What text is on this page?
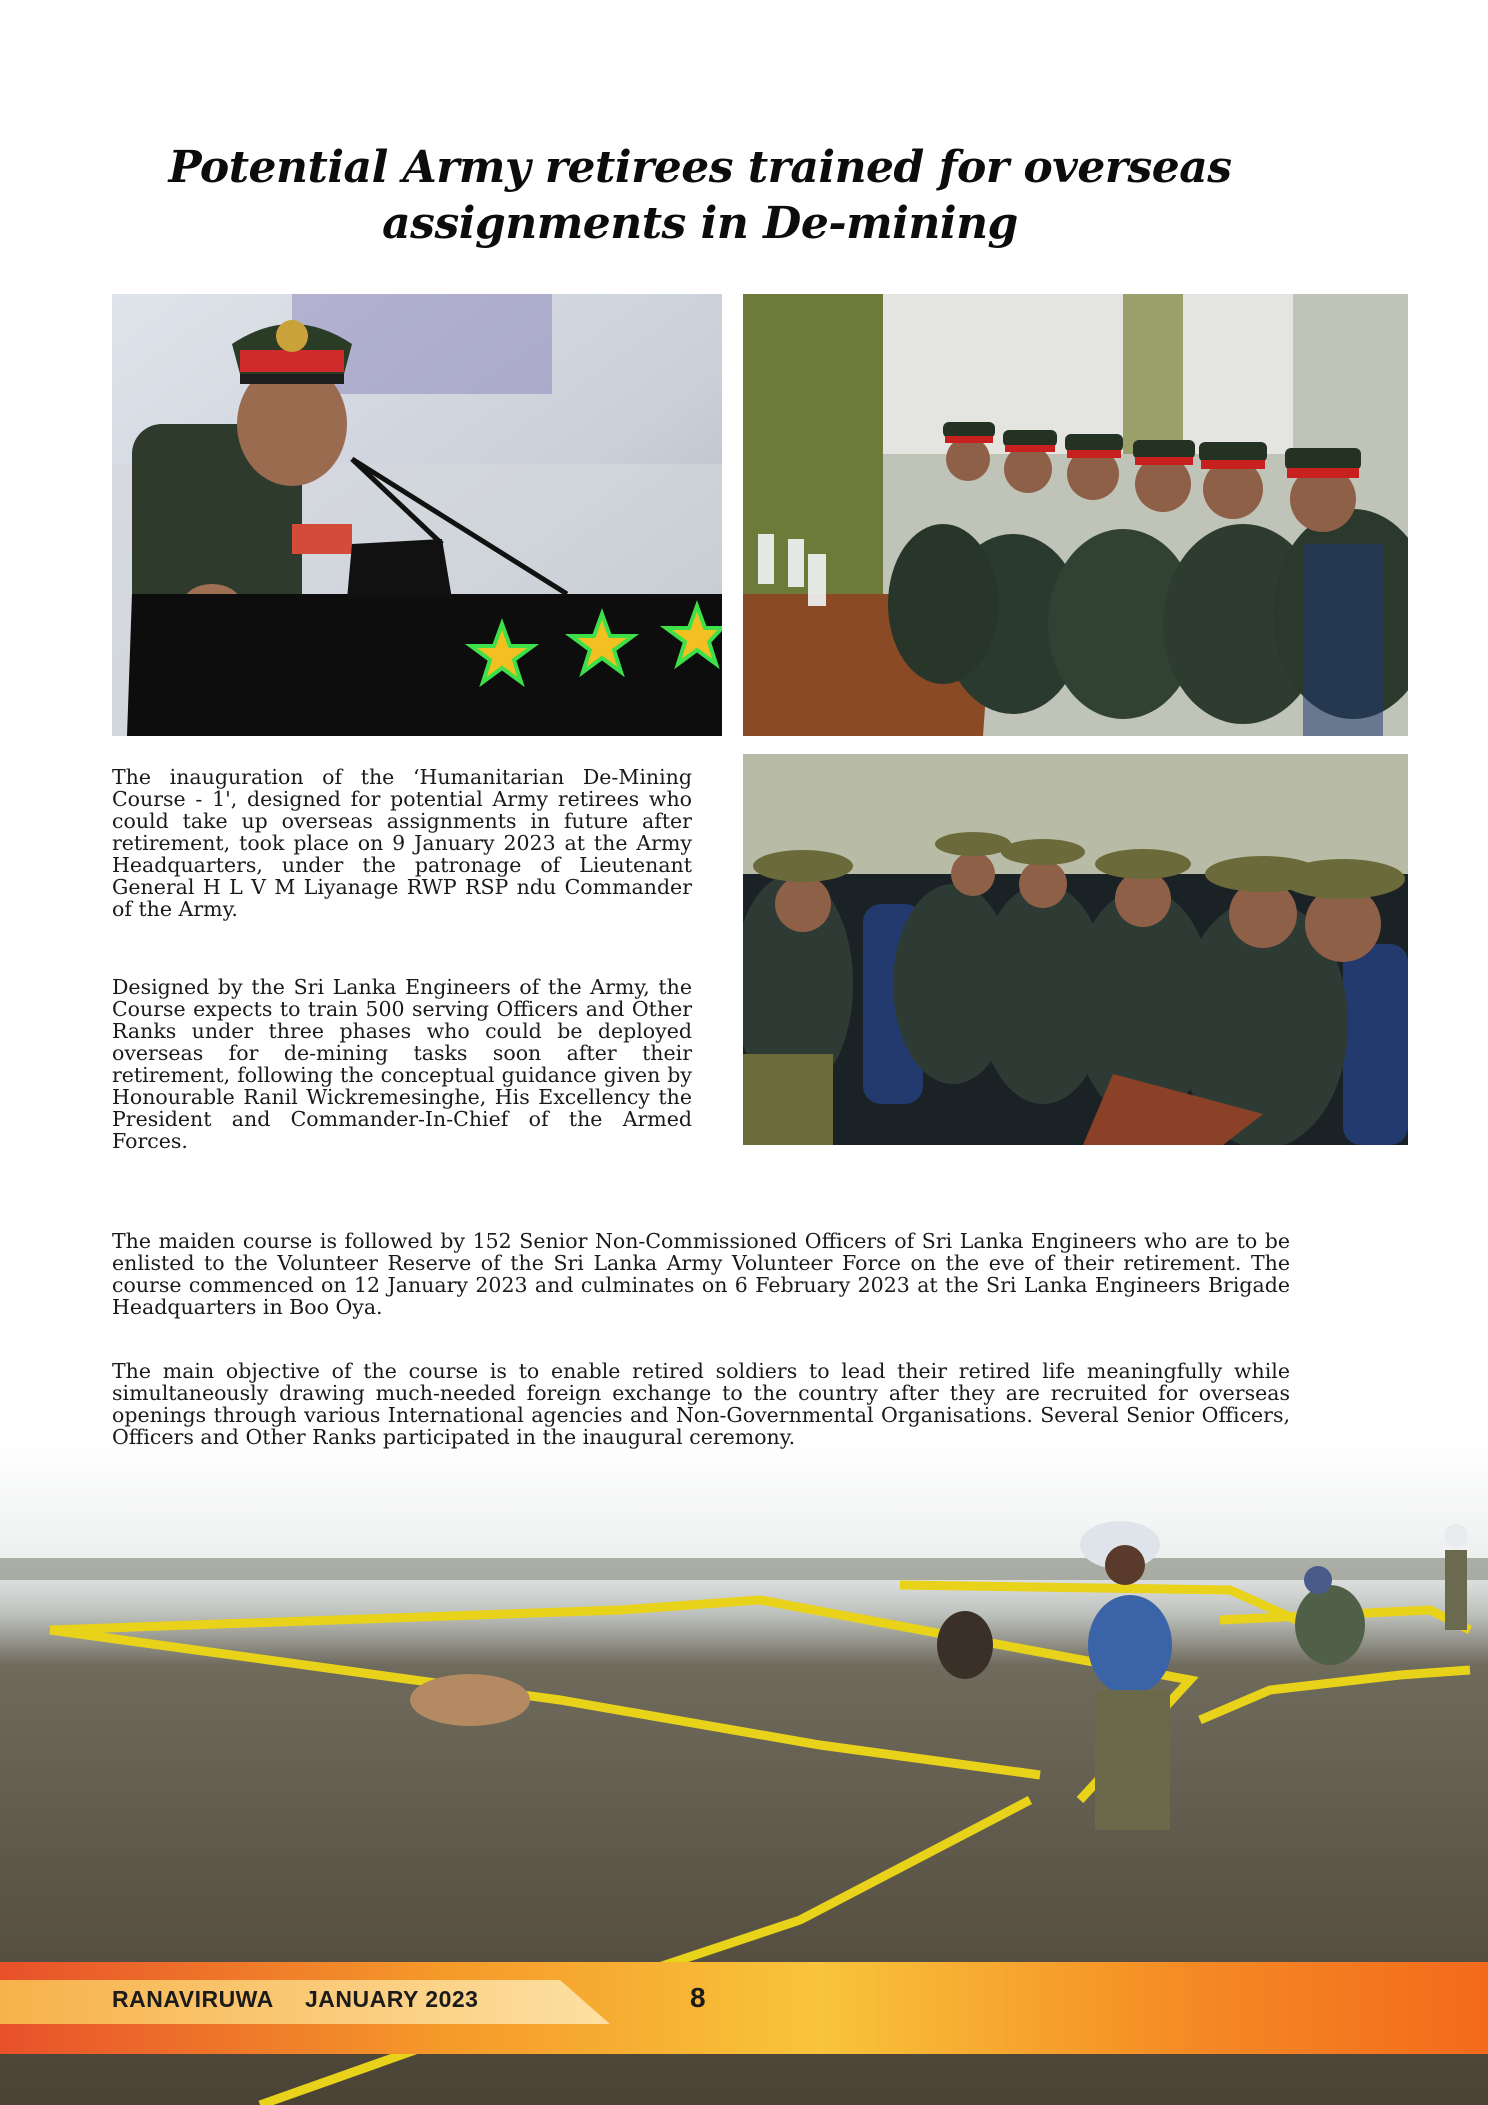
Potential Army retirees trained for overseas
assignments in De-mining

The inauguration of the ‘Humanitarian De-Mining Course - 1', designed for potential Army retirees who could take up overseas assignments in future after retirement, took place on 9 January 2023 at the Army Headquarters, under the patronage of Lieutenant General H L V M Liyanage RWP RSP ndu Commander of the Army.

Designed by the Sri Lanka Engineers of the Army, the Course expects to train 500 serving Officers and Other Ranks under three phases who could be deployed overseas for de-mining tasks soon after their retirement, following the conceptual guidance given by Honourable Ranil Wickremesinghe, His Excellency the President and Commander-In-Chief of the Armed Forces.

The maiden course is followed by 152 Senior Non-Commissioned Officers of Sri Lanka Engineers who are to be enlisted to the Volunteer Reserve of the Sri Lanka Army Volunteer Force on the eve of their retirement. The course commenced on 12 January 2023 and culminates on 6 February 2023 at the Sri Lanka Engineers Brigade Headquarters in Boo Oya.

The main objective of the course is to enable retired soldiers to lead their retired life meaningfully while simultaneously drawing much-needed foreign exchange to the country after they are recruited for overseas openings through various International agencies and Non-Governmental Organisations. Several Senior Officers, Officers and Other Ranks participated in the inaugural ceremony.

RANAVIRUWA JANUARY 2023	8
